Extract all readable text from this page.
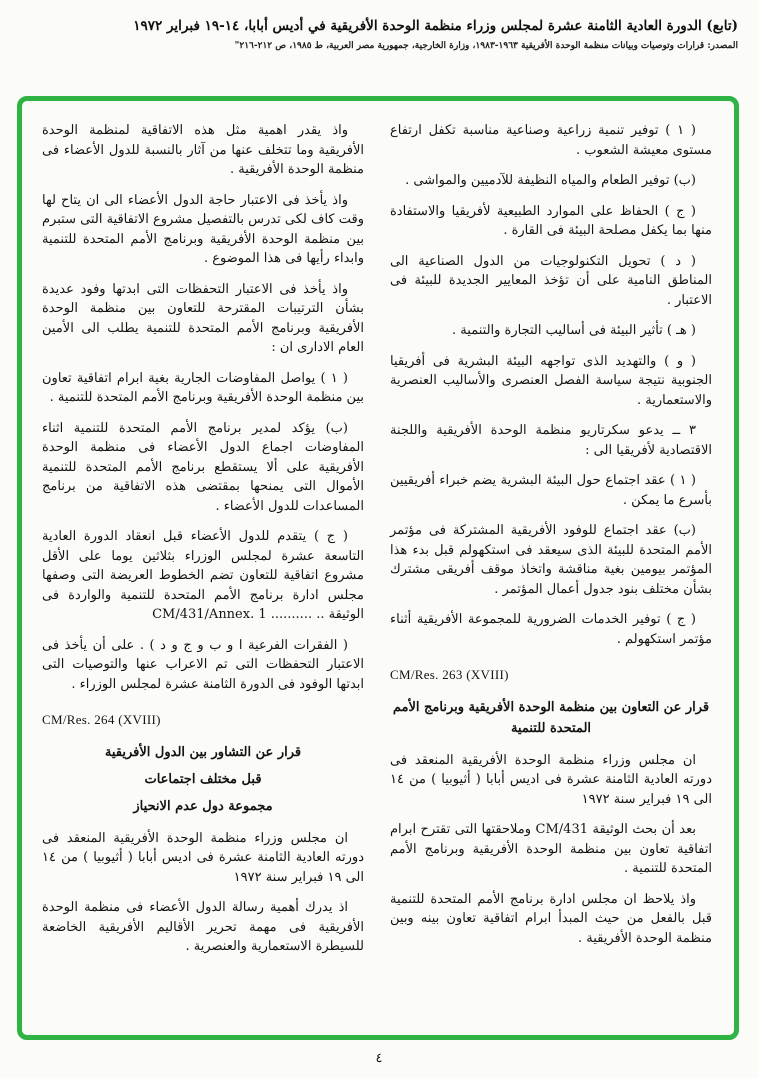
(تابع) الدورة العادية الثامنة عشرة لمجلس وزراء منظمة الوحدة الأفريقية في أديس أبابا، ١٤-١٩ فبراير ١٩٧٢
المصدر: قرارات وتوصيات وبيانات منظمة الوحدة الأفريقية ١٩٦٣-١٩٨٣، وزارة الخارجية، جمهورية مصر العربية، ط ١٩٨٥، ص ٢١٢-٢١٦"

( ١ ) توفير تنمية زراعية وصناعية مناسبة تكفل ارتفاع مستوى معيشة الشعوب .

(ب) توفير الطعام والمياه النظيفة للآدميين والمواشى .

( ج ) الحفاظ على الموارد الطبيعية لأفريقيا والاستفادة منها بما يكفل مصلحة البيئة فى القارة .

( د ) تحويل التكنولوجيات من الدول الصناعية الى المناطق النامية على أن تؤخذ المعايير الجديدة للبيئة فى الاعتبار .

( هـ ) تأثير البيئة فى أساليب التجارة والتنمية .

( و ) والتهديد الذى تواجهه البيئة البشرية فى أفريقيا الجنوبية نتيجة سياسة الفصل العنصرى والأساليب العنصرية والاستعمارية .

٣ ــ يدعو سكرتاريو منظمة الوحدة الأفريقية واللجنة الاقتصادية لأفريقيا الى :

( ١ ) عقد اجتماع حول البيئة البشرية يضم خبراء أفريقيين بأسرع ما يمكن .

(ب) عقد اجتماع للوفود الأفريقية المشتركة فى مؤتمر الأمم المتحدة للبيئة الذى سيعقد فى استكهولم قبل بدء هذا المؤتمر بيومين بغية مناقشة واتخاذ موقف أفريقى مشترك بشأن مختلف بنود جدول أعمال المؤتمر .

( ج ) توفير الخدمات الضرورية للمجموعة الأفريقية أثناء مؤتمر استكهولم .

CM/Res. 263 (XVIII)

قرار عن التعاون بين منظمة الوحدة الأفريقية وبرنامج الأمم المتحدة للتنمية

ان مجلس وزراء منظمة الوحدة الأفريقية المنعقد فى دورته العادية الثامنة عشرة فى اديس أبابا ( أثيوبيا ) من ١٤ الى ١٩ فبراير سنة ١٩٧٢

بعد أن بحث الوثيقة CM/431 وملاحقتها التى تقترح ابرام اتفاقية تعاون بين منظمة الوحدة الأفريقية وبرنامج الأمم المتحدة للتنمية .

واذ يلاحظ ان مجلس ادارة برنامج الأمم المتحدة للتنمية قبل بالفعل من حيث المبدأ ابرام اتفاقية تعاون بينه وبين منظمة الوحدة الأفريقية .

واذ يقدر اهمية مثل هذه الاتفاقية لمنظمة الوحدة الأفريقية وما تتخلف عنها من آثار بالنسبة للدول الأعضاء فى منظمة الوحدة الأفريقية .

واذ يأخذ فى الاعتبار حاجة الدول الأعضاء الى ان يتاح لها وقت كاف لكى تدرس بالتفصيل مشروع الاتفاقية التى ستبرم بين منظمة الوحدة الأفريقية وبرنامج الأمم المتحدة للتنمية وابداء رأيها فى هذا الموضوع .

واذ يأخذ فى الاعتبار التحفظات التى ابدتها وفود عديدة بشأن الترتيبات المقترحة للتعاون بين منظمة الوحدة الأفريقية وبرنامج الأمم المتحدة للتنمية يطلب الى الأمين العام الادارى ان :

( ١ ) يواصل المفاوضات الجارية بغية ابرام اتفاقية تعاون بين منظمة الوحدة الأفريقية وبرنامج الأمم المتحدة للتنمية .

(ب) يؤكد لمدير برنامج الأمم المتحدة للتنمية اثناء المفاوضات اجماع الدول الأعضاء فى منظمة الوحدة الأفريقية على ألا يستقطع برنامج الأمم المتحدة للتنمية الأموال التى يمنحها بمقتضى هذه الاتفاقية من برنامج المساعدات للدول الأعضاء .

( ج ) يتقدم للدول الأعضاء قبل انعقاد الدورة العادية التاسعة عشرة لمجلس الوزراء بثلاثين يوما على الأقل مشروع اتفاقية للتعاون تضم الخطوط العريضة التى وصفها مجلس ادارة برنامج الأمم المتحدة للتنمية والواردة فى الوثيقة .. .......... CM/431/Annex. 1

( الفقرات الفرعية ا و ب و ج و د ) . على أن يأخذ فى الاعتبار التحفظات التى تم الاعراب عنها والتوصيات التى ابدتها الوفود فى الدورة الثامنة عشرة لمجلس الوزراء .

CM/Res. 264 (XVIII)

قرار عن التشاور بين الدول الأفريقية

قبل مختلف اجتماعات

مجموعة دول عدم الانحياز

ان مجلس وزراء منظمة الوحدة الأفريقية المنعقد فى دورته العادية الثامنة عشرة فى اديس أبابا ( أثيوبيا ) من ١٤ الى ١٩ فبراير سنة ١٩٧٢

اذ يدرك أهمية رسالة الدول الأعضاء فى منظمة الوحدة الأفريقية فى مهمة تحرير الأقاليم الأفريقية الخاضعة للسيطرة الاستعمارية والعنصرية .

٤
